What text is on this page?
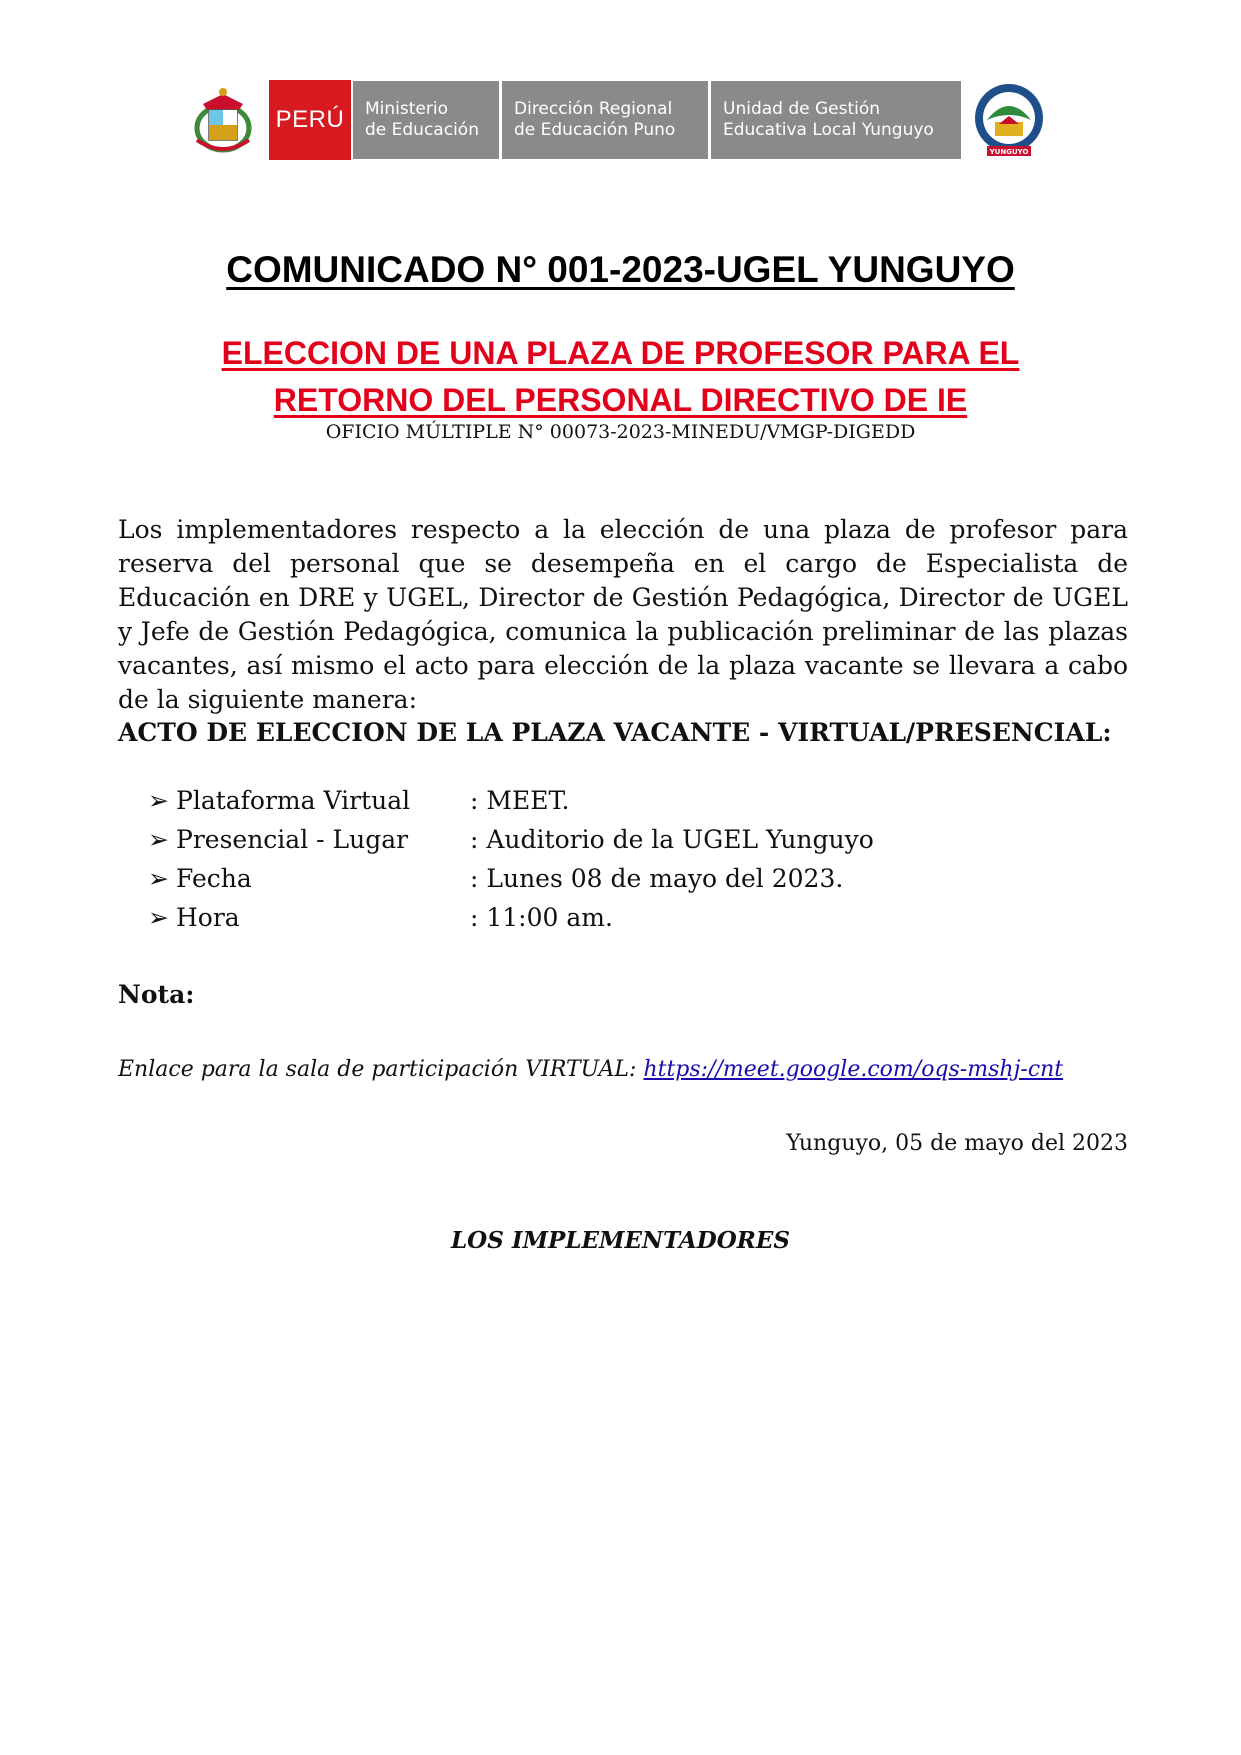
PERÚ Ministerio
de Educación
Dirección Regional
de Educación Puno
Unidad de Gestión
Educativa Local Yunguyo
YUNGUYO
COMUNICADO N° 001-2023-UGEL YUNGUYO
ELECCION DE UNA PLAZA DE PROFESOR PARA EL
RETORNO DEL PERSONAL DIRECTIVO DE IE
OFICIO MÚLTIPLE N° 00073-2023-MINEDU/VMGP-DIGEDD
Los implementadores respecto a la elección de una plaza de profesor para reserva del personal que se desempeña en el cargo de Especialista de Educación en DRE y UGEL, Director de Gestión Pedagógica, Director de UGEL y Jefe de Gestión Pedagógica, comunica la publicación preliminar de las plazas vacantes, así mismo el acto para elección de la plaza vacante se llevara a cabo de la siguiente manera:
ACTO DE ELECCION DE LA PLAZA VACANTE - VIRTUAL/PRESENCIAL:
➢ Plataforma Virtual	: MEET.
➢ Presencial - Lugar	: Auditorio de la UGEL Yunguyo
➢ Fecha	: Lunes 08 de mayo del 2023.
➢ Hora	: 11:00 am.
Nota:
Enlace para la sala de participación VIRTUAL: https://meet.google.com/oqs-mshj-cnt
Yunguyo, 05 de mayo del 2023
LOS IMPLEMENTADORES
